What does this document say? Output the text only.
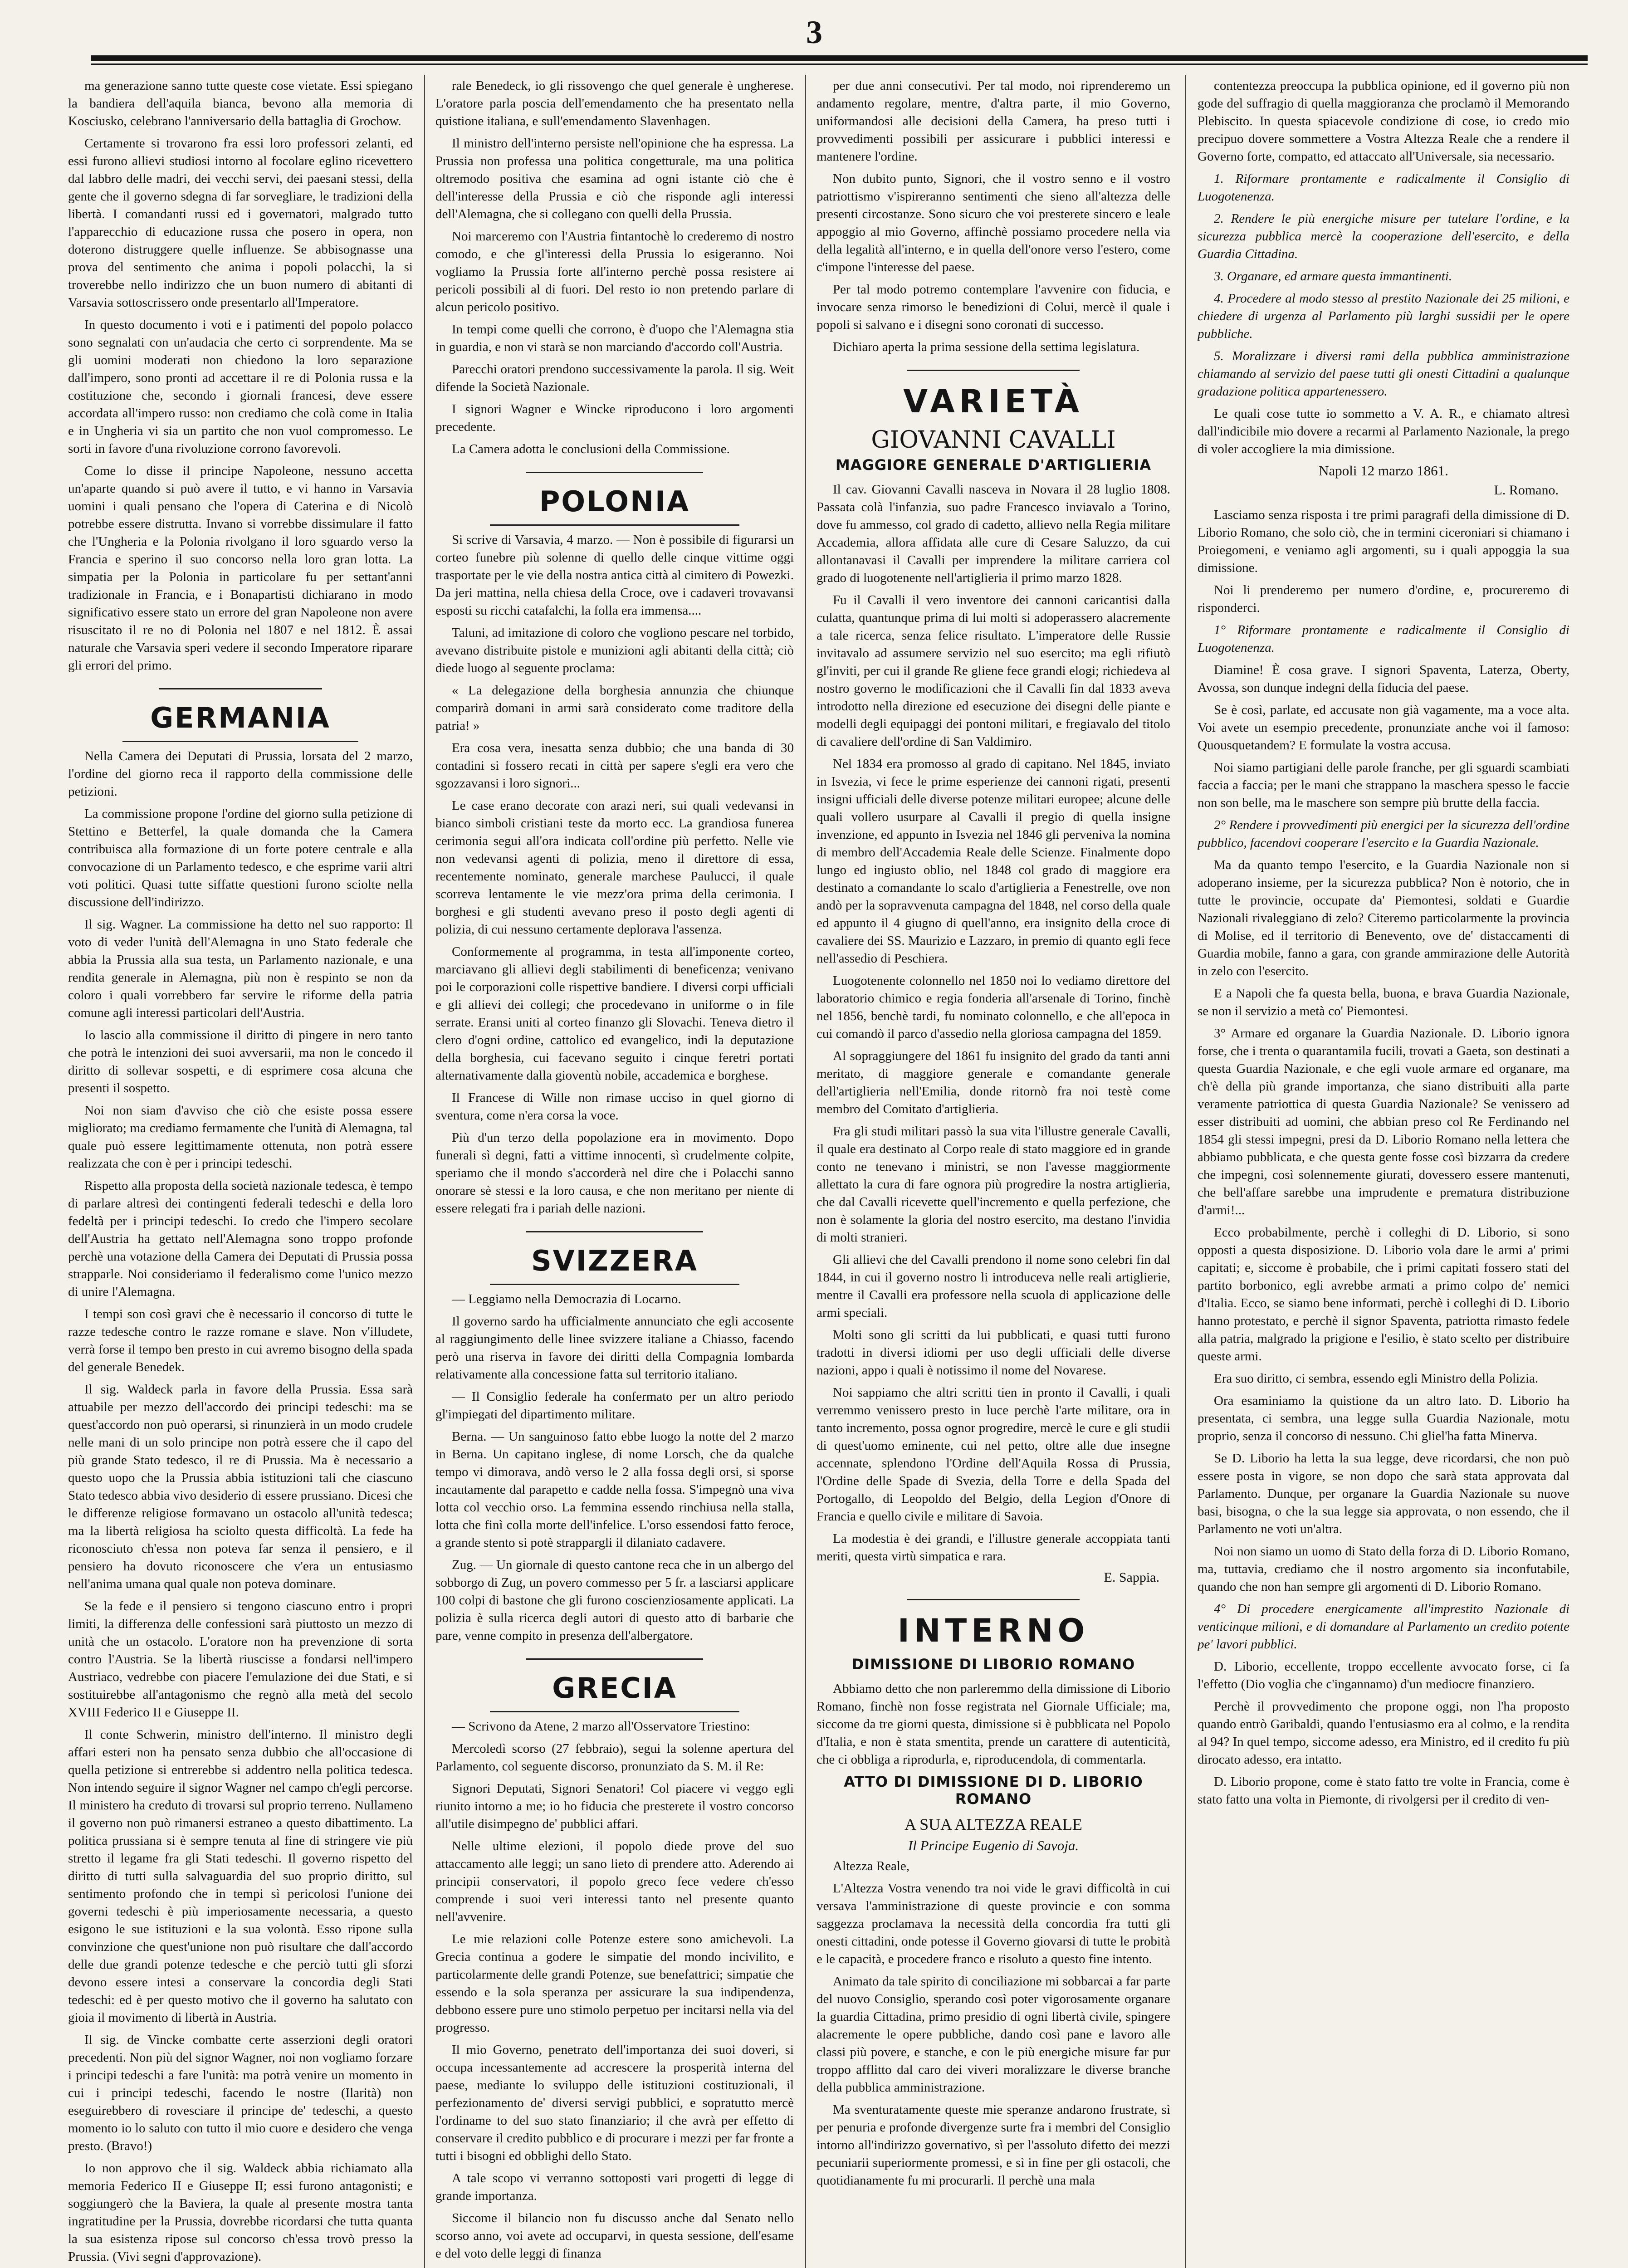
3

ma generazione sanno tutte queste cose vietate. Essi spiegano la bandiera dell'aquila bianca, bevono alla memoria di Kosciusko, celebrano l'anniversario della battaglia di Grochow.

Certamente si trovarono fra essi loro professori zelanti, ed essi furono allievi studiosi intorno al focolare eglino ricevettero dal labbro delle madri, dei vecchi servi, dei paesani stessi, della gente che il governo sdegna di far sorvegliare, le tradizioni della libertà. I comandanti russi ed i governatori, malgrado tutto l'apparecchio di educazione russa che posero in opera, non doterono distruggere quelle influenze. Se abbisognasse una prova del sentimento che anima i popoli polacchi, la si troverebbe nello indirizzo che un buon numero di abitanti di Varsavia sottoscrissero onde presentarlo all'Imperatore.

In questo documento i voti e i patimenti del popolo polacco sono segnalati con un'audacia che certo ci sorprendente. Ma se gli uomini moderati non chiedono la loro separazione dall'impero, sono pronti ad accettare il re di Polonia russa e la costituzione che, secondo i giornali francesi, deve essere accordata all'impero russo: non crediamo che colà come in Italia e in Ungheria vi sia un partito che non vuol compromesso. Le sorti in favore d'una rivoluzione corrono favorevoli.

Come lo disse il principe Napoleone, nessuno accetta un'aparte quando si può avere il tutto, e vi hanno in Varsavia uomini i quali pensano che l'opera di Caterina e di Nicolò potrebbe essere distrutta. Invano si vorrebbe dissimulare il fatto che l'Ungheria e la Polonia rivolgano il loro sguardo verso la Francia e sperino il suo concorso nella loro gran lotta. La simpatia per la Polonia in particolare fu per settant'anni tradizionale in Francia, e i Bonapartisti dichiarano in modo significativo essere stato un errore del gran Napoleone non avere risuscitato il re no di Polonia nel 1807 e nel 1812. È assai naturale che Varsavia speri vedere il secondo Imperatore riparare gli errori del primo.

GERMANIA

Nella Camera dei Deputati di Prussia, lorsata del 2 marzo, l'ordine del giorno reca il rapporto della commissione delle petizioni.

La commissione propone l'ordine del giorno sulla petizione di Stettino e Betterfel, la quale domanda che la Camera contribuisca alla formazione di un forte potere centrale e alla convocazione di un Parlamento tedesco, e che esprime varii altri voti politici. Quasi tutte siffatte questioni furono sciolte nella discussione dell'indirizzo.

Il sig. Wagner. La commissione ha detto nel suo rapporto: Il voto di veder l'unità dell'Alemagna in uno Stato federale che abbia la Prussia alla sua testa, un Parlamento nazionale, e una rendita generale in Alemagna, più non è respinto se non da coloro i quali vorrebbero far servire le riforme della patria comune agli interessi particolari dell'Austria.

Io lascio alla commissione il diritto di pingere in nero tanto che potrà le intenzioni dei suoi avversarii, ma non le concedo il diritto di sollevar sospetti, e di esprimere cosa alcuna che presenti il sospetto.

Noi non siam d'avviso che ciò che esiste possa essere migliorato; ma crediamo fermamente che l'unità di Alemagna, tal quale può essere legittimamente ottenuta, non potrà essere realizzata che con è per i principi tedeschi.

Rispetto alla proposta della società nazionale tedesca, è tempo di parlare altresì dei contingenti federali tedeschi e della loro fedeltà per i principi tedeschi. Io credo che l'impero secolare dell'Austria ha gettato nell'Alemagna sono troppo profonde perchè una votazione della Camera dei Deputati di Prussia possa strapparle. Noi consideriamo il federalismo come l'unico mezzo di unire l'Alemagna.

I tempi son così gravi che è necessario il concorso di tutte le razze tedesche contro le razze romane e slave. Non v'illudete, verrà forse il tempo ben presto in cui avremo bisogno della spada del generale Benedek.

Il sig. Waldeck parla in favore della Prussia. Essa sarà attuabile per mezzo dell'accordo dei principi tedeschi: ma se quest'accordo non può operarsi, si rinunzierà in un modo crudele nelle mani di un solo principe non potrà essere che il capo del più grande Stato tedesco, il re di Prussia. Ma è necessario a questo uopo che la Prussia abbia istituzioni tali che ciascuno Stato tedesco abbia vivo desiderio di essere prussiano. Dicesi che le differenze religiose formavano un ostacolo all'unità tedesca; ma la libertà religiosa ha sciolto questa difficoltà. La fede ha riconosciuto ch'essa non poteva far senza il pensiero, e il pensiero ha dovuto riconoscere che v'era un entusiasmo nell'anima umana qual quale non poteva dominare.

Se la fede e il pensiero si tengono ciascuno entro i propri limiti, la differenza delle confessioni sarà piuttosto un mezzo di unità che un ostacolo. L'oratore non ha prevenzione di sorta contro l'Austria. Se la libertà riuscisse a fondarsi nell'impero Austriaco, vedrebbe con piacere l'emulazione dei due Stati, e si sostituirebbe all'antagonismo che regnò alla metà del secolo XVIII Federico II e Giuseppe II.

Il conte Schwerin, ministro dell'interno. Il ministro degli affari esteri non ha pensato senza dubbio che all'occasione di quella petizione si entrerebbe si addentro nella politica tedesca. Non intendo seguire il signor Wagner nel campo ch'egli percorse. Il ministero ha creduto di trovarsi sul proprio terreno. Nullameno il governo non può rimanersi estraneo a questo dibattimento. La politica prussiana si è sempre tenuta al fine di stringere vie più stretto il legame fra gli Stati tedeschi. Il governo rispetto del diritto di tutti sulla salvaguardia del suo proprio diritto, sul sentimento profondo che in tempi sì pericolosi l'unione dei governi tedeschi è più imperiosamente necessaria, a questo esigono le sue istituzioni e la sua volontà. Esso ripone sulla convinzione che quest'unione non può risultare che dall'accordo delle due grandi potenze tedesche e che perciò tutti gli sforzi devono essere intesi a conservare la concordia degli Stati tedeschi: ed è per questo motivo che il governo ha salutato con gioia il movimento di libertà in Austria.

Il sig. de Vincke combatte certe asserzioni degli oratori precedenti. Non più del signor Wagner, noi non vogliamo forzare i principi tedeschi a fare l'unità: ma potrà venire un momento in cui i principi tedeschi, facendo le nostre (Ilarità) non eseguirebbero di rovesciare il principe de' tedeschi, a questo momento io lo saluto con tutto il mio cuore e desidero che venga presto. (Bravo!)

Io non approvo che il sig. Waldeck abbia richiamato alla memoria Federico II e Giuseppe II; essi furono antagonisti; e soggiungerò che la Baviera, la quale al presente mostra tanta ingratitudine per la Prussia, dovrebbe ricordarsi che tutta quanta la sua esistenza ripose sul concorso ch'essa trovò presso la Prussia. (Vivi segni d'approvazione).

rale Benedeck, io gli rissovengo che quel generale è ungherese. L'oratore parla poscia dell'emendamento che ha presentato nella quistione italiana, e sull'emendamento Slavenhagen.

Il ministro dell'interno persiste nell'opinione che ha espressa. La Prussia non professa una politica congetturale, ma una politica oltremodo positiva che esamina ad ogni istante ciò che è dell'interesse della Prussia e ciò che risponde agli interessi dell'Alemagna, che si collegano con quelli della Prussia.

Noi marceremo con l'Austria fintantochè lo crederemo di nostro comodo, e che gl'interessi della Prussia lo esigeranno. Noi vogliamo la Prussia forte all'interno perchè possa resistere ai pericoli possibili al di fuori. Del resto io non pretendo parlare di alcun pericolo positivo.

In tempi come quelli che corrono, è d'uopo che l'Alemagna stia in guardia, e non vi starà se non marciando d'accordo coll'Austria.

Parecchi oratori prendono successivamente la parola. Il sig. Weit difende la Società Nazionale.

I signori Wagner e Wincke riproducono i loro argomenti precedente.

La Camera adotta le conclusioni della Commissione.

POLONIA

Si scrive di Varsavia, 4 marzo. — Non è possibile di figurarsi un corteo funebre più solenne di quello delle cinque vittime oggi trasportate per le vie della nostra antica città al cimitero di Powezki. Da jeri mattina, nella chiesa della Croce, ove i cadaveri trovavansi esposti su ricchi catafalchi, la folla era immensa....

Taluni, ad imitazione di coloro che vogliono pescare nel torbido, avevano distribuite pistole e munizioni agli abitanti della città; ciò diede luogo al seguente proclama:

« La delegazione della borghesia annunzia che chiunque comparirà domani in armi sarà considerato come traditore della patria! »

Era cosa vera, inesatta senza dubbio; che una banda di 30 contadini si fossero recati in città per sapere s'egli era vero che sgozzavansi i loro signori...

Le case erano decorate con arazi neri, sui quali vedevansi in bianco simboli cristiani teste da morto ecc. La grandiosa funerea cerimonia segui all'ora indicata coll'ordine più perfetto. Nelle vie non vedevansi agenti di polizia, meno il direttore di essa, recentemente nominato, generale marchese Paulucci, il quale scorreva lentamente le vie mezz'ora prima della cerimonia. I borghesi e gli studenti avevano preso il posto degli agenti di polizia, di cui nessuno certamente deplorava l'assenza.

Conformemente al programma, in testa all'imponente corteo, marciavano gli allievi degli stabilimenti di beneficenza; venivano poi le corporazioni colle rispettive bandiere. I diversi corpi ufficiali e gli allievi dei collegi; che procedevano in uniforme o in file serrate. Eransi uniti al corteo finanzo gli Slovachi. Teneva dietro il clero d'ogni ordine, cattolico ed evangelico, indi la deputazione della borghesia, cui facevano seguito i cinque feretri portati alternativamente dalla gioventù nobile, accademica e borghese.

Il Francese di Wille non rimase ucciso in quel giorno di sventura, come n'era corsa la voce.

Più d'un terzo della popolazione era in movimento. Dopo funerali sì degni, fatti a vittime innocenti, sì crudelmente colpite, speriamo che il mondo s'accorderà nel dire che i Polacchi sanno onorare sè stessi e la loro causa, e che non meritano per niente di essere relegati fra i pariah delle nazioni.

SVIZZERA

— Leggiamo nella Democrazia di Locarno.

Il governo sardo ha ufficialmente annunciato che egli accosente al raggiungimento delle linee svizzere italiane a Chiasso, facendo però una riserva in favore dei diritti della Compagnia lombarda relativamente alla concessione fatta sul territorio italiano.

— Il Consiglio federale ha confermato per un altro periodo gl'impiegati del dipartimento militare.

Berna. — Un sanguinoso fatto ebbe luogo la notte del 2 marzo in Berna. Un capitano inglese, di nome Lorsch, che da qualche tempo vi dimorava, andò verso le 2 alla fossa degli orsi, si sporse incautamente dal parapetto e cadde nella fossa. S'impegnò una viva lotta col vecchio orso. La femmina essendo rinchiusa nella stalla, lotta che finì colla morte dell'infelice. L'orso essendosi fatto feroce, a grande stento si potè strappargli il dilaniato cadavere.

Zug. — Un giornale di questo cantone reca che in un albergo del sobborgo di Zug, un povero commesso per 5 fr. a lasciarsi applicare 100 colpi di bastone che gli furono coscienziosamente applicati. La polizia è sulla ricerca degli autori di questo atto di barbarie che pare, venne compito in presenza dell'albergatore.

GRECIA

— Scrivono da Atene, 2 marzo all'Osservatore Triestino:

Mercoledì scorso (27 febbraio), segui la solenne apertura del Parlamento, col seguente discorso, pronunziato da S. M. il Re:

Signori Deputati, Signori Senatori! Col piacere vi veggo egli riunito intorno a me; io ho fiducia che presterete il vostro concorso all'utile disimpegno de' pubblici affari.

Nelle ultime elezioni, il popolo diede prove del suo attaccamento alle leggi; un sano lieto di prendere atto. Aderendo ai principii conservatori, il popolo greco fece vedere ch'esso comprende i suoi veri interessi tanto nel presente quanto nell'avvenire.

Le mie relazioni colle Potenze estere sono amichevoli. La Grecia continua a godere le simpatie del mondo incivilito, e particolarmente delle grandi Potenze, sue benefattrici; simpatie che essendo e la sola speranza per assicurare la sua indipendenza, debbono essere pure uno stimolo perpetuo per incitarsi nella via del progresso.

Il mio Governo, penetrato dell'importanza dei suoi doveri, si occupa incessantemente ad accrescere la prosperità interna del paese, mediante lo sviluppo delle istituzioni costituzionali, il perfezionamento de' diversi servigi pubblici, e sopratutto mercè l'ordiname to del suo stato finanziario; il che avrà per effetto di conservare il credito pubblico e di procurare i mezzi per far fronte a tutti i bisogni ed obblighi dello Stato.

A tale scopo vi verranno sottoposti vari progetti di legge di grande importanza.

Siccome il bilancio non fu discusso anche dal Senato nello scorso anno, voi avete ad occuparvi, in questa sessione, dell'esame e del voto delle leggi di finanza

per due anni consecutivi. Per tal modo, noi riprenderemo un andamento regolare, mentre, d'altra parte, il mio Governo, uniformandosi alle decisioni della Camera, ha preso tutti i provvedimenti possibili per assicurare i pubblici interessi e mantenere l'ordine.

Non dubito punto, Signori, che il vostro senno e il vostro patriottismo v'ispireranno sentimenti che sieno all'altezza delle presenti circostanze. Sono sicuro che voi presterete sincero e leale appoggio al mio Governo, affinchè possiamo procedere nella via della legalità all'interno, e in quella dell'onore verso l'estero, come c'impone l'interesse del paese.

Per tal modo potremo contemplare l'avvenire con fiducia, e invocare senza rimorso le benedizioni di Colui, mercè il quale i popoli si salvano e i disegni sono coronati di successo.

Dichiaro aperta la prima sessione della settima legislatura.

VARIETÀ
GIOVANNI CAVALLI
MAGGIORE GENERALE D'ARTIGLIERIA

Il cav. Giovanni Cavalli nasceva in Novara il 28 luglio 1808. Passata colà l'infanzia, suo padre Francesco inviavalo a Torino, dove fu ammesso, col grado di cadetto, allievo nella Regia militare Accademia, allora affidata alle cure di Cesare Saluzzo, da cui allontanavasi il Cavalli per imprendere la militare carriera col grado di luogotenente nell'artiglieria il primo marzo 1828.

Fu il Cavalli il vero inventore dei cannoni caricantisi dalla culatta, quantunque prima di lui molti si adoperassero alacremente a tale ricerca, senza felice risultato. L'imperatore delle Russie invitavalo ad assumere servizio nel suo esercito; ma egli rifiutò gl'inviti, per cui il grande Re gliene fece grandi elogi; richiedeva al nostro governo le modificazioni che il Cavalli fin dal 1833 aveva introdotto nella direzione ed esecuzione dei disegni delle piante e modelli degli equipaggi dei pontoni militari, e fregiavalo del titolo di cavaliere dell'ordine di San Valdimiro.

Nel 1834 era promosso al grado di capitano. Nel 1845, inviato in Isvezia, vi fece le prime esperienze dei cannoni rigati, presenti insigni ufficiali delle diverse potenze militari europee; alcune delle quali vollero usurpare al Cavalli il pregio di quella insigne invenzione, ed appunto in Isvezia nel 1846 gli perveniva la nomina di membro dell'Accademia Reale delle Scienze. Finalmente dopo lungo ed ingiusto oblio, nel 1848 col grado di maggiore era destinato a comandante lo scalo d'artiglieria a Fenestrelle, ove non andò per la sopravvenuta campagna del 1848, nel corso della quale ed appunto il 4 giugno di quell'anno, era insignito della croce di cavaliere dei SS. Maurizio e Lazzaro, in premio di quanto egli fece nell'assedio di Peschiera.

Luogotenente colonnello nel 1850 noi lo vediamo direttore del laboratorio chimico e regia fonderia all'arsenale di Torino, finchè nel 1856, benchè tardi, fu nominato colonnello, e che all'epoca in cui comandò il parco d'assedio nella gloriosa campagna del 1859.

Al sopraggiungere del 1861 fu insignito del grado da tanti anni meritato, di maggiore generale e comandante generale dell'artiglieria nell'Emilia, donde ritornò fra noi testè come membro del Comitato d'artiglieria.

Fra gli studi militari passò la sua vita l'illustre generale Cavalli, il quale era destinato al Corpo reale di stato maggiore ed in grande conto ne tenevano i ministri, se non l'avesse maggiormente allettato la cura di fare ognora più progredire la nostra artiglieria, che dal Cavalli ricevette quell'incremento e quella perfezione, che non è solamente la gloria del nostro esercito, ma destano l'invidia di molti stranieri.

Gli allievi che del Cavalli prendono il nome sono celebri fin dal 1844, in cui il governo nostro li introduceva nelle reali artiglierie, mentre il Cavalli era professore nella scuola di applicazione delle armi speciali.

Molti sono gli scritti da lui pubblicati, e quasi tutti furono tradotti in diversi idiomi per uso degli ufficiali delle diverse nazioni, appo i quali è notissimo il nome del Novarese.

Noi sappiamo che altri scritti tien in pronto il Cavalli, i quali verremmo venissero presto in luce perchè l'arte militare, ora in tanto incremento, possa ognor progredire, mercè le cure e gli studii di quest'uomo eminente, cui nel petto, oltre alle due insegne accennate, splendono l'Ordine dell'Aquila Rossa di Prussia, l'Ordine delle Spade di Svezia, della Torre e della Spada del Portogallo, di Leopoldo del Belgio, della Legion d'Onore di Francia e quello civile e militare di Savoia.

La modestia è dei grandi, e l'illustre generale accoppiata tanti meriti, questa virtù simpatica e rara.

E. Sappia.
INTERNO
DIMISSIONE DI LIBORIO ROMANO

Abbiamo detto che non parleremmo della dimissione di Liborio Romano, finchè non fosse registrata nel Giornale Ufficiale; ma, siccome da tre giorni questa, dimissione si è pubblicata nel Popolo d'Italia, e non è stata smentita, prende un carattere di autenticità, che ci obbliga a riprodurla, e, riproducendola, di commentarla.

ATTO DI DIMISSIONE DI D. LIBORIO ROMANO
A SUA ALTEZZA REALE
Il Principe Eugenio di Savoja.

Altezza Reale,

L'Altezza Vostra venendo tra noi vide le gravi difficoltà in cui versava l'amministrazione di queste provincie e con somma saggezza proclamava la necessità della concordia fra tutti gli onesti cittadini, onde potesse il Governo giovarsi di tutte le probità e le capacità, e procedere franco e risoluto a questo fine intento.

Animato da tale spirito di conciliazione mi sobbarcai a far parte del nuovo Consiglio, sperando così poter vigorosamente organare la guardia Cittadina, primo presidio di ogni libertà civile, spingere alacremente le opere pubbliche, dando così pane e lavoro alle classi più povere, e stanche, e con le più energiche misure far pur troppo afflitto dal caro dei viveri moralizzare le diverse branche della pubblica amministrazione.

Ma sventuratamente queste mie speranze andarono frustrate, sì per penuria e profonde divergenze surte fra i membri del Consiglio intorno all'indirizzo governativo, sì per l'assoluto difetto dei mezzi pecuniarii superiormente promessi, e sì in fine per gli ostacoli, che quotidianamente fu mi procurarli. Il perchè una mala

contentezza preoccupa la pubblica opinione, ed il governo più non gode del suffragio di quella maggioranza che proclamò il Memorando Plebiscito. In questa spiacevole condizione di cose, io credo mio precipuo dovere sommettere a Vostra Altezza Reale che a rendere il Governo forte, compatto, ed attaccato all'Universale, sia necessario.

1. Riformare prontamente e radicalmente il Consiglio di Luogotenenza.

2. Rendere le più energiche misure per tutelare l'ordine, e la sicurezza pubblica mercè la cooperazione dell'esercito, e della Guardia Cittadina.

3. Organare, ed armare questa immantinenti.

4. Procedere al modo stesso al prestito Nazionale dei 25 milioni, e chiedere di urgenza al Parlamento più larghi sussidii per le opere pubbliche.

5. Moralizzare i diversi rami della pubblica amministrazione chiamando al servizio del paese tutti gli onesti Cittadini a qualunque gradazione politica appartenessero.

Le quali cose tutte io sommetto a V. A. R., e chiamato altresì dall'indicibile mio dovere a recarmi al Parlamento Nazionale, la prego di voler accogliere la mia dimissione.

Napoli 12 marzo 1861.
L. Romano.

Lasciamo senza risposta i tre primi paragrafi della dimissione di D. Liborio Romano, che solo ciò, che in termini ciceroniari si chiamano i Proiegomeni, e veniamo agli argomenti, su i quali appoggia la sua dimissione.

Noi li prenderemo per numero d'ordine, e, procureremo di risponderci.

1° Riformare prontamente e radicalmente il Consiglio di Luogotenenza.

Diamine! È cosa grave. I signori Spaventa, Laterza, Oberty, Avossa, son dunque indegni della fiducia del paese.

Se è così, parlate, ed accusate non già vagamente, ma a voce alta. Voi avete un esempio precedente, pronunziate anche voi il famoso: Quousquetandem? E formulate la vostra accusa.

Noi siamo partigiani delle parole franche, per gli sguardi scambiati faccia a faccia; per le mani che strappano la maschera spesso le faccie non son belle, ma le maschere son sempre più brutte della faccia.

2° Rendere i provvedimenti più energici per la sicurezza dell'ordine pubblico, facendovi cooperare l'esercito e la Guardia Nazionale.

Ma da quanto tempo l'esercito, e la Guardia Nazionale non si adoperano insieme, per la sicurezza pubblica? Non è notorio, che in tutte le provincie, occupate da' Piemontesi, soldati e Guardie Nazionali rivaleggiano di zelo? Citeremo particolarmente la provincia di Molise, ed il territorio di Benevento, ove de' distaccamenti di Guardia mobile, fanno a gara, con grande ammirazione delle Autorità in zelo con l'esercito.

E a Napoli che fa questa bella, buona, e brava Guardia Nazionale, se non il servizio a metà co' Piemontesi.

3° Armare ed organare la Guardia Nazionale. D. Liborio ignora forse, che i trenta o quarantamila fucili, trovati a Gaeta, son destinati a questa Guardia Nazionale, e che egli vuole armare ed organare, ma ch'è della più grande importanza, che siano distribuiti alla parte veramente patriottica di questa Guardia Nazionale? Se venissero ad esser distribuiti ad uomini, che abbian preso col Re Ferdinando nel 1854 gli stessi impegni, presi da D. Liborio Romano nella lettera che abbiamo pubblicata, e che questa gente fosse così bizzarra da credere che impegni, così solennemente giurati, dovessero essere mantenuti, che bell'affare sarebbe una imprudente e prematura distribuzione d'armi!...

Ecco probabilmente, perchè i colleghi di D. Liborio, si sono opposti a questa disposizione. D. Liborio vola dare le armi a' primi capitati; e, siccome è probabile, che i primi capitati fossero stati del partito borbonico, egli avrebbe armati a primo colpo de' nemici d'Italia. Ecco, se siamo bene informati, perchè i colleghi di D. Liborio hanno protestato, e perchè il signor Spaventa, patriotta rimasto fedele alla patria, malgrado la prigione e l'esilio, è stato scelto per distribuire queste armi.

Era suo diritto, ci sembra, essendo egli Ministro della Polizia.

Ora esaminiamo la quistione da un altro lato. D. Liborio ha presentata, ci sembra, una legge sulla Guardia Nazionale, motu proprio, senza il concorso di nessuno. Chi gliel'ha fatta Minerva.

Se D. Liborio ha letta la sua legge, deve ricordarsi, che non può essere posta in vigore, se non dopo che sarà stata approvata dal Parlamento. Dunque, per organare la Guardia Nazionale su nuove basi, bisogna, o che la sua legge sia approvata, o non essendo, che il Parlamento ne voti un'altra.

Noi non siamo un uomo di Stato della forza di D. Liborio Romano, ma, tuttavia, crediamo che il nostro argomento sia inconfutabile, quando che non han sempre gli argomenti di D. Liborio Romano.

4° Di procedere energicamente all'imprestito Nazionale di venticinque milioni, e di domandare al Parlamento un credito potente pe' lavori pubblici.

D. Liborio, eccellente, troppo eccellente avvocato forse, ci fa l'effetto (Dio voglia che c'ingannamo) d'un mediocre finanziero.

Perchè il provvedimento che propone oggi, non l'ha proposto quando entrò Garibaldi, quando l'entusiasmo era al colmo, e la rendita al 94? In quel tempo, siccome adesso, era Ministro, ed il credito fu più dirocato adesso, era intatto.

D. Liborio propone, come è stato fatto tre volte in Francia, come è stato fatto una volta in Piemonte, di rivolgersi per il credito di ven-
